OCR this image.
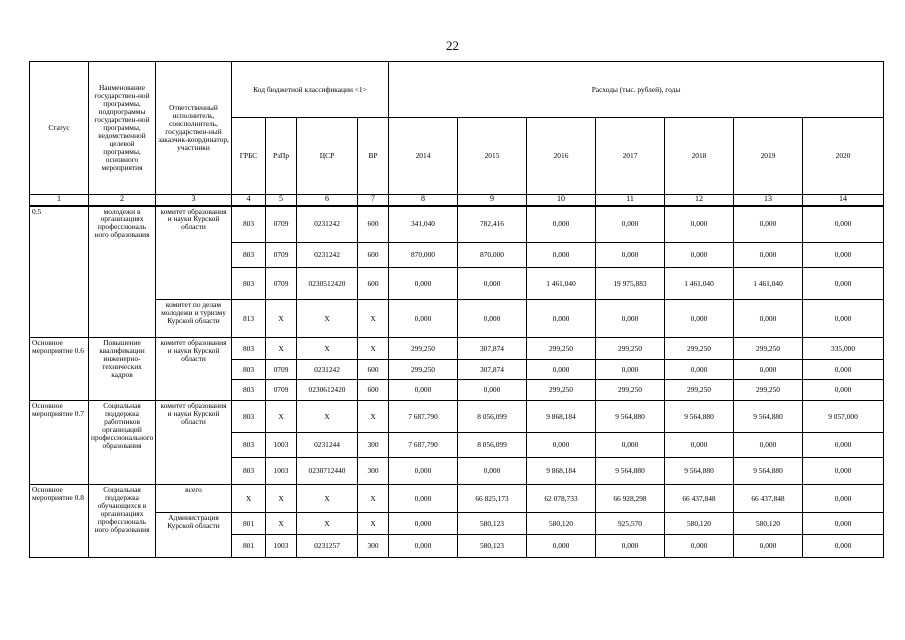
22
Статус	Наименование государствен-ной программы, подпрограммы государствен-ной программы, ведомственной целевой программы, основного мероприятия	Ответственный исполнитель, соисполнитель, государствен-ный заказчик-координатор, участники	Код бюджетной классификации <1>				Расходы (тыс. рублей), годы						
			ГРБС	РзПр	ЦСР	ВР	2014	2015	2016	2017	2018	2019	2020
1	2	3	4	5	6	7	8	9	10	11	12	13	14
0.5	молодежи в организациях профессиональ ного образования	комитет образования и науки Курской области	803	0709	0231242	600	341,040	782,416	0,000	0,000	0,000	0,000	0,000
			803	0709	0231242	600	870,000	870,000	0,000	0,000	0,000	0,000	0,000
			803	0709	0230512420	600	0,000	0,000	1 461,040	19 975,883	1 461,040	1 461,040	0,000
		комитет по делам молодежи и туризму Курской области	813	Х	Х	Х	0,000	0,000	0,000	0,000	0,000	0,000	0,000
Основное мероприятие 0.6	Повышение квалификации инженерно-технических кадров	комитет образования и науки Курской области	803	Х	Х	Х	299,250	307,874	299,250	299,250	299,250	299,250	335,000
			803	0709	0231242	600	299,250	307,874	0,000	0,000	0,000	0,000	0,000
			803	0709	0230612420	600	0,000	0,000	299,250	299,250	299,250	299,250	0,000
Основное мероприятие 0.7	Социальная поддержка работников организаций профессионального образования	комитет образования и науки Курской области	803	Х	Х	Х	7 687,790	8 056,099	9 868,184	9 564,880	9 564,880	9 564,880	9 057,000
			803	1003	0231244	300	7 687,790	8 056,099	0,000	0,000	0,000	0,000	0,000
			803	1003	0230712440	300	0,000	0,000	9 868,184	9 564,880	9 564,880	9 564,880	0,000
Основное мероприятие 0.8	Социальная поддержка обучающихся в организациях профессиональ ного образования	всего	Х	Х	Х	Х	0,000	66 825,173	62 078,733	66 928,298	66 437,848	66 437,848	0,000
		Администрация Курской области	801	Х	Х	Х	0,000	580,123	580,120	925,570	580,120	580,120	0,000
			801	1003	0231257	300	0,000	580,123	0,000	0,000	0,000	0,000	0,000
